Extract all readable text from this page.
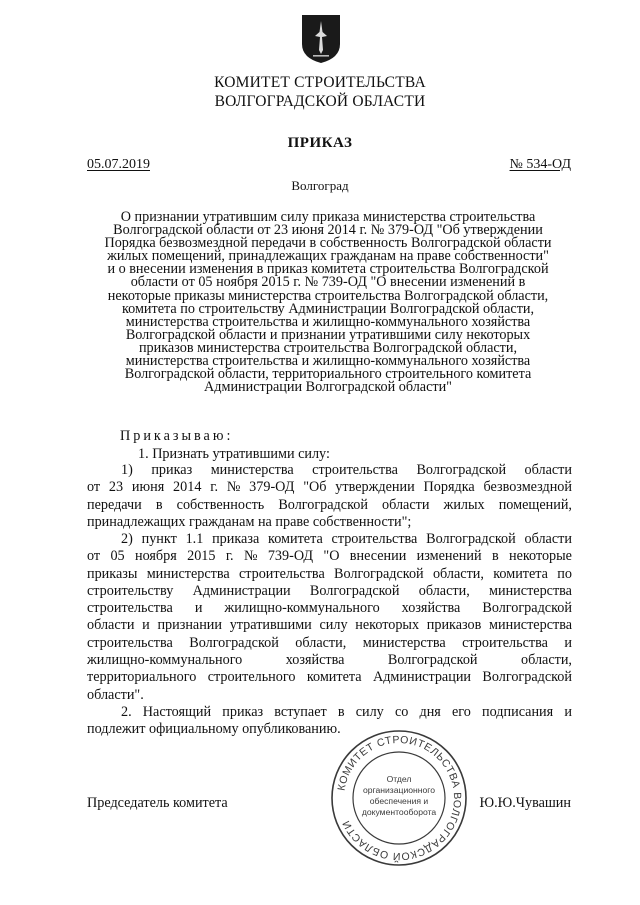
КОМИТЕТ СТРОИТЕЛЬСТВА
ВОЛГОГРАДСКОЙ ОБЛАСТИ
ПРИКАЗ
05.07.2019	№ 534-ОД
Волгоград
О признании утратившим силу приказа министерства строительства
Волгоградской области от 23 июня 2014 г. № 379-ОД "Об утверждении
Порядка безвозмездной передачи в собственность Волгоградской области
жилых помещений, принадлежащих гражданам на праве собственности"
и о внесении изменения в приказ комитета строительства Волгоградской
области от 05 ноября 2015 г. № 739-ОД "О внесении изменений в
некоторые приказы министерства строительства Волгоградской области,
комитета по строительству Администрации Волгоградской области,
министерства строительства и жилищно-коммунального хозяйства
Волгоградской области и признании утратившими силу некоторых
приказов министерства строительства Волгоградской области,
министерства строительства и жилищно-коммунального хозяйства
Волгоградской области, территориального строительного комитета
Администрации Волгоградской области"
Приказываю:
1. Признать утратившими силу:
1) приказ министерства строительства Волгоградской области
от 23 июня 2014 г. № 379-ОД "Об утверждении Порядка безвозмездной
передачи в собственность Волгоградской области жилых помещений,
принадлежащих гражданам на праве собственности";
2) пункт 1.1 приказа комитета строительства Волгоградской области
от 05 ноября 2015 г. № 739-ОД "О внесении изменений в некоторые
приказы министерства строительства Волгоградской области, комитета по
строительству Администрации Волгоградской области, министерства
строительства и жилищно-коммунального хозяйства Волгоградской
области и признании утратившими силу некоторых приказов министерства
строительства Волгоградской области, министерства строительства и
жилищно-коммунального	хозяйства	Волгоградской	области,
территориального строительного комитета Администрации Волгоградской
области".
2. Настоящий приказ вступает в силу со дня его подписания и
подлежит официальному опубликованию.
Председатель комитета	Ю.Ю.Чувашин
КОМИТЕТ СТРОИТЕЛЬСТВА ВОЛГОГРАДСКОЙ ОБЛАСТИ
Отдел
организационного
обеспечения и
документооборота
